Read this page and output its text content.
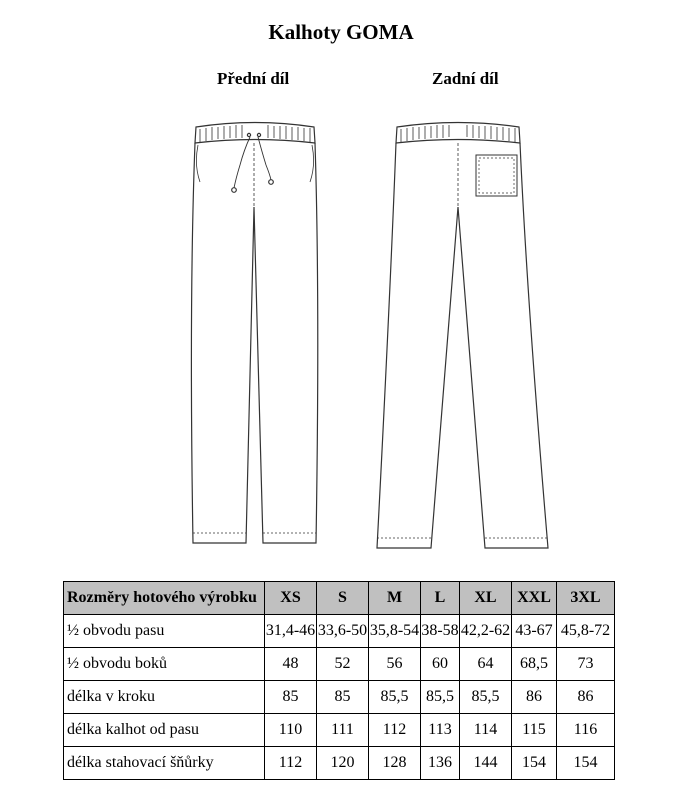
Kalhoty GOMA
Přední díl	Zadní díl
Rozměry hotového výrobku	XS	S	M	L	XL	XXL	3XL
½ obvodu pasu	31,4-46	33,6-50	35,8-54	38-58	42,2-62	43-67	45,8-72
½ obvodu boků	48	52	56	60	64	68,5	73
délka v kroku	85	85	85,5	85,5	85,5	86	86
délka kalhot od pasu	110	111	112	113	114	115	116
délka stahovací šňůrky	112	120	128	136	144	154	154
